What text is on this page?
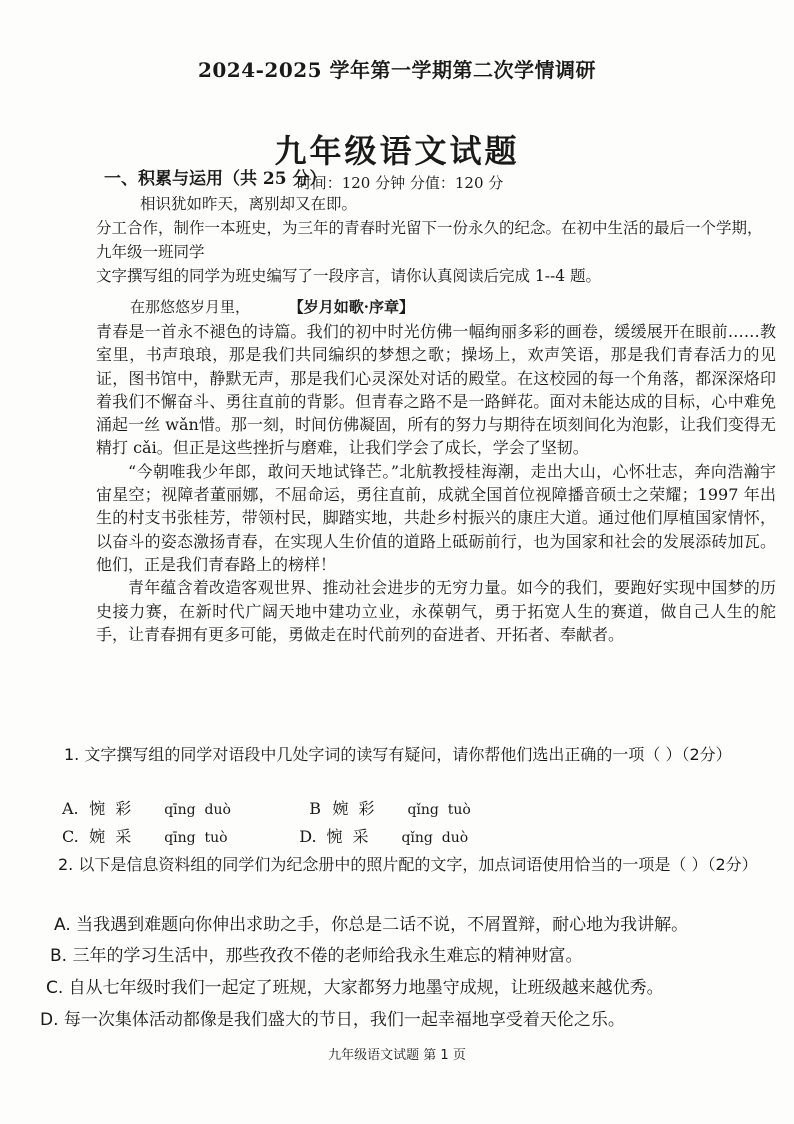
2024-2025 学年第一学期第二次学情调研
九年级语文试题
时间：120 分钟 分值：120 分
一、积累与运用（共 25 分）

相识犹如昨天，离别却又在即。

分工合作，制作一本班史，为三年的青春时光留下一份永久的纪念。在初中生活的最后一个学期，九年级一班同学

文字撰写组的同学为班史编写了一段序言，请你认真阅读后完成 1--4 题。

在那悠悠岁月里，	【岁月如歌·序章】

青春是一首永不褪色的诗篇。我们的初中时光仿佛一幅绚丽多彩的画卷，缓缓展开在眼前……教室里，书声琅琅，那是我们共同编织的梦想之歌；操场上，欢声笑语，那是我们青春活力的见证，图书馆中，静默无声，那是我们心灵深处对话的殿堂。在这校园的每一个角落，都深深烙印着我们不懈奋斗、勇往直前的背影。但青春之路不是一路鲜花。面对未能达成的目标，心中难免涌起一丝 wǎn惜。那一刻，时间仿佛凝固，所有的努力与期待在顷刻间化为泡影，让我们变得无精打 cǎi。但正是这些挫折与磨难，让我们学会了成长，学会了坚韧。

“今朝唯我少年郎，敢问天地试锋芒。”北航教授桂海潮，走出大山，心怀壮志，奔向浩瀚宇宙星空；视障者董丽娜，不屈命运，勇往直前，成就全国首位视障播音硕士之荣耀；1997 年出生的村支书张桂芳，带领村民，脚踏实地，共赴乡村振兴的康庄大道。通过他们厚植国家情怀，以奋斗的姿态激扬青春，在实现人生价值的道路上砥砺前行，也为国家和社会的发展添砖加瓦。他们，正是我们青春路上的榜样！

青年蕴含着改造客观世界、推动社会进步的无穷力量。如今的我们，要跑好实现中国梦的历史接力赛，在新时代广阔天地中建功立业，永葆朝气，勇于拓宽人生的赛道，做自己人生的舵手，让青春拥有更多可能，勇做走在时代前列的奋进者、开拓者、奉献者。

1. 文字撰写组的同学对语段中几处字词的读写有疑问，请你帮他们选出正确的一项（ ）（2分）
A. 惋  彩 qīng  duò	B 婉  彩 qǐng  tuò
C. 婉  采 qīng  tuò	D. 惋  采 qǐng  duò
2. 以下是信息资料组的同学们为纪念册中的照片配的文字，加点词语使用恰当的一项是（ ）（2分）
A. 当我遇到难题向你伸出求助之手，你总是二话不说，不屑置辩，耐心地为我讲解。
B. 三年的学习生活中，那些孜孜不倦的老师给我永生难忘的精神财富。
C. 自从七年级时我们一起定了班规，大家都努力地墨守成规，让班级越来越优秀。
D. 每一次集体活动都像是我们盛大的节日，我们一起幸福地享受着天伦之乐。
九年级语文试题 第 1 页
